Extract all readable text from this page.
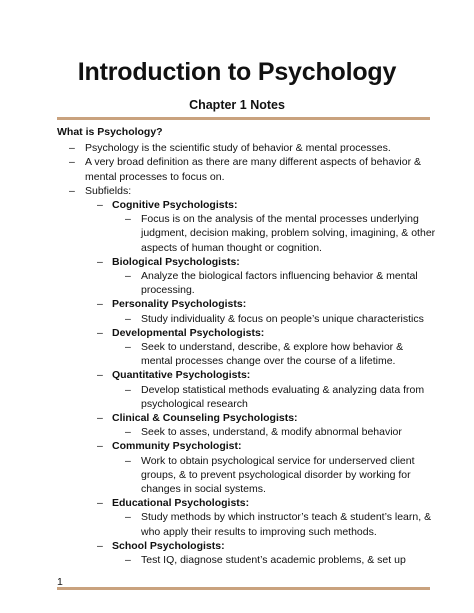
Introduction to Psychology
Chapter 1 Notes
What is Psychology?
– Psychology is the scientific study of behavior & mental processes.
– A very broad definition as there are many different aspects of behavior & mental processes to focus on.
– Subfields:
– Cognitive Psychologists:
– Focus is on the analysis of the mental processes underlying judgment, decision making, problem solving, imagining, & other aspects of human thought or cognition.
– Biological Psychologists:
– Analyze the biological factors influencing behavior & mental processing.
– Personality Psychologists:
– Study individuality & focus on people’s unique characteristics
– Developmental Psychologists:
– Seek to understand, describe, & explore how behavior & mental processes change over the course of a lifetime.
– Quantitative Psychologists:
– Develop statistical methods evaluating & analyzing data from psychological research
– Clinical & Counseling Psychologists:
– Seek to asses, understand, & modify abnormal behavior
– Community Psychologist:
– Work to obtain psychological service for underserved client groups, & to prevent psychological disorder by working for changes in social systems.
– Educational Psychologists:
– Study methods by which instructor’s teach & student’s learn, & who apply their results to improving such methods.
– School Psychologists:
– Test IQ, diagnose student’s academic problems, & set up
1
